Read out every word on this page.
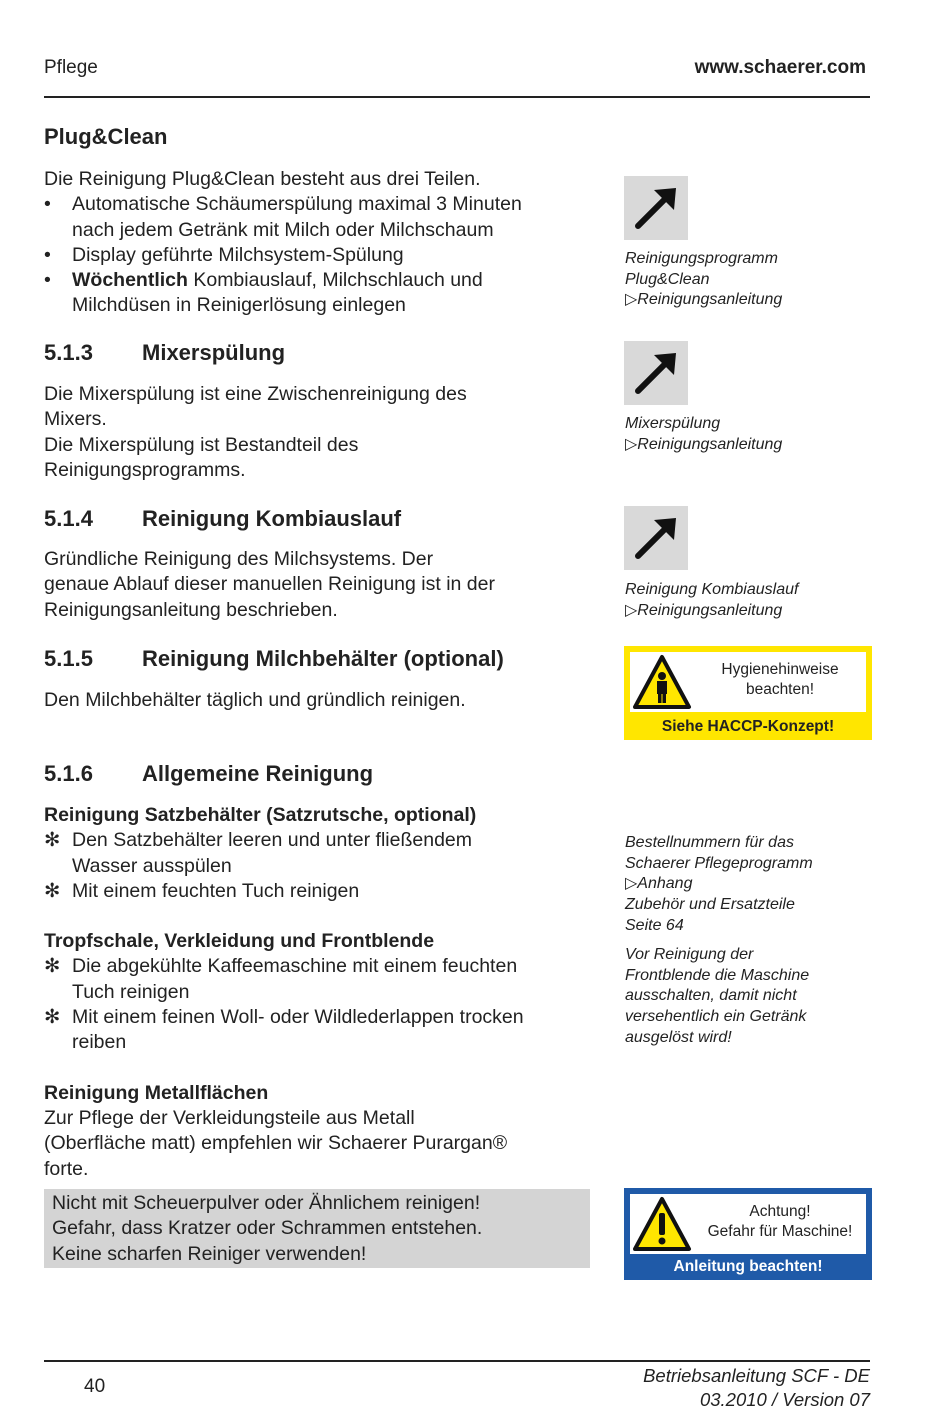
Pflege	www.schaerer.com
Plug&Clean
Die Reinigung Plug&Clean besteht aus drei Teilen.
•	Automatische Schäumerspülung maximal 3 Minuten
nach jedem Getränk mit Milch oder Milchschaum
•	Display geführte Milchsystem-Spülung
•	Wöchentlich Kombiauslauf, Milchschlauch und
Milchdüsen in Reinigerlösung einlegen
Reinigungsprogramm
Plug&Clean
▷Reinigungsanleitung
5.1.3 Mixerspülung
Die Mixerspülung ist eine Zwischenreinigung des
Mixers.
Die Mixerspülung ist Bestandteil des
Reinigungsprogramms.
Mixerspülung
▷Reinigungsanleitung
5.1.4 Reinigung Kombiauslauf
Gründliche Reinigung des Milchsystems. Der
genaue Ablauf dieser manuellen Reinigung ist in der
Reinigungsanleitung beschrieben.
Reinigung Kombiauslauf
▷Reinigungsanleitung
5.1.5 Reinigung Milchbehälter (optional)
Den Milchbehälter täglich und gründlich reinigen.
Hygienehinweise
beachten!
Siehe HACCP-Konzept!
5.1.6 Allgemeine Reinigung
Reinigung Satzbehälter (Satzrutsche, optional)
✻ Den Satzbehälter leeren und unter fließendem
Wasser ausspülen
✻ Mit einem feuchten Tuch reinigen
Tropfschale, Verkleidung und Frontblende
✻ Die abgekühlte Kaffeemaschine mit einem feuchten
Tuch reinigen
✻ Mit einem feinen Woll- oder Wildlederlappen trocken
reiben
Reinigung Metallflächen
Zur Pflege der Verkleidungsteile aus Metall
(Oberfläche matt) empfehlen wir Schaerer Purargan®
forte.
Nicht mit Scheuerpulver oder Ähnlichem reinigen!
Gefahr, dass Kratzer oder Schrammen entstehen.
Keine scharfen Reiniger verwenden!
Bestellnummern für das
Schaerer Pflegeprogramm
▷Anhang
Zubehör und Ersatzteile
Seite 64
Vor Reinigung der
Frontblende die Maschine
ausschalten, damit nicht
versehentlich ein Getränk
ausgelöst wird!
Achtung!
Gefahr für Maschine!
Anleitung beachten!
40
Betriebsanleitung SCF - DE
03.2010 / Version 07
